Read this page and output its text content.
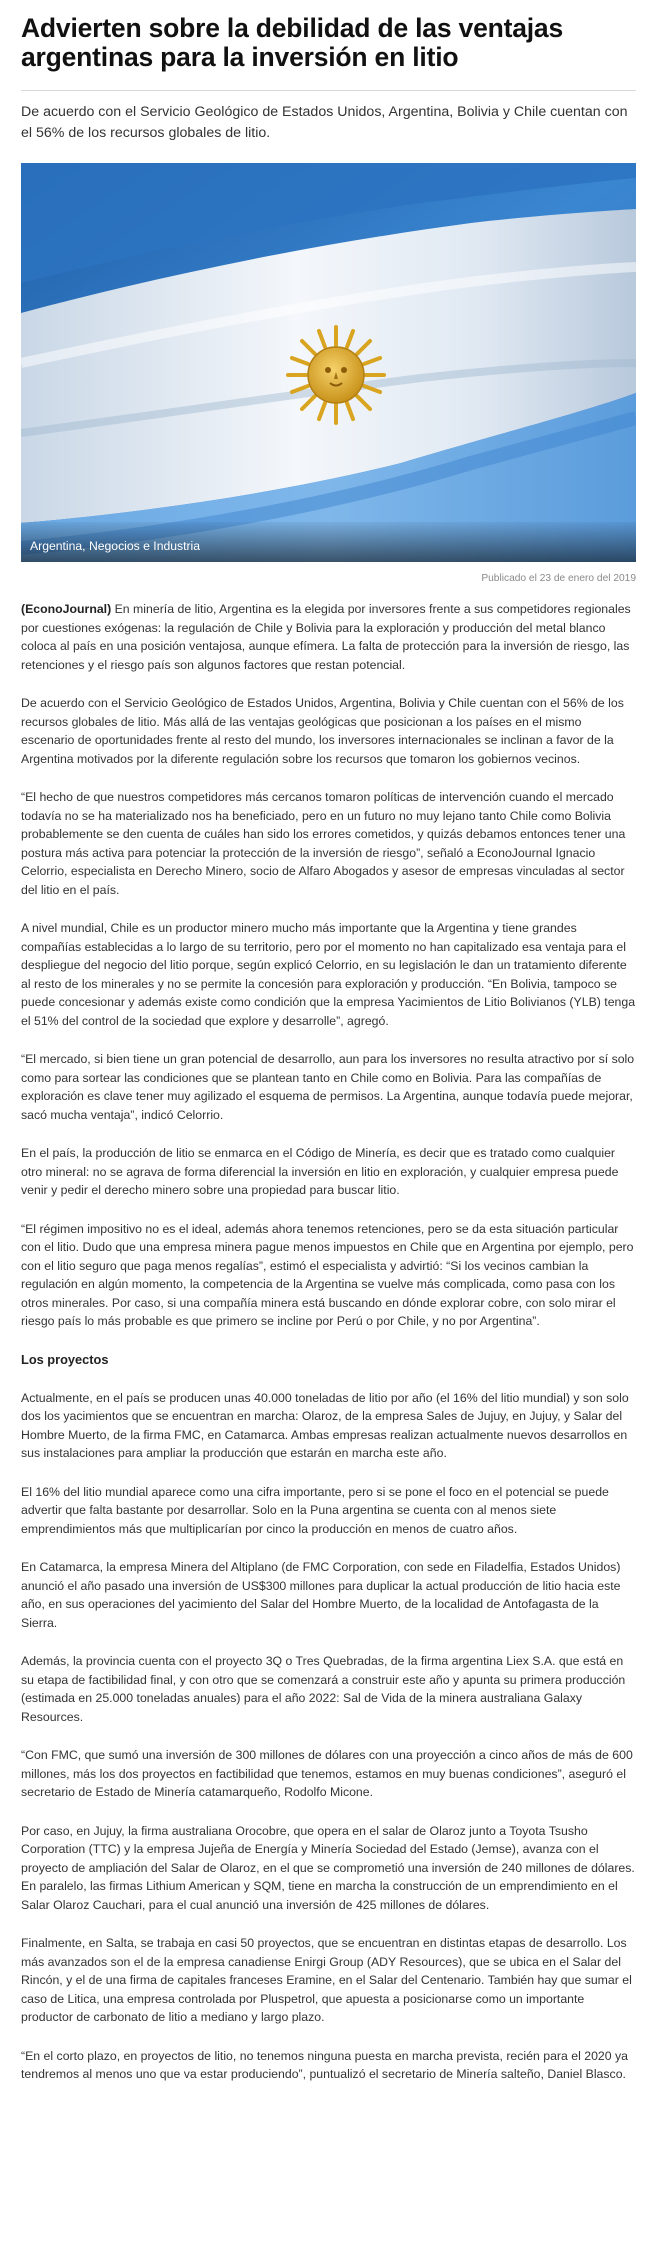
Advierten sobre la debilidad de las ventajas argentinas para la inversión en litio

De acuerdo con el Servicio Geológico de Estados Unidos, Argentina, Bolivia y Chile cuentan con el 56% de los recursos globales de litio.

Argentina, Negocios e Industria
Publicado el 23 de enero del 2019

(EconoJournal) En minería de litio, Argentina es la elegida por inversores frente a sus competidores regionales por cuestiones exógenas: la regulación de Chile y Bolivia para la exploración y producción del metal blanco coloca al país en una posición ventajosa, aunque efímera. La falta de protección para la inversión de riesgo, las retenciones y el riesgo país son algunos factores que restan potencial.

De acuerdo con el Servicio Geológico de Estados Unidos, Argentina, Bolivia y Chile cuentan con el 56% de los recursos globales de litio. Más allá de las ventajas geológicas que posicionan a los países en el mismo escenario de oportunidades frente al resto del mundo, los inversores internacionales se inclinan a favor de la Argentina motivados por la diferente regulación sobre los recursos que tomaron los gobiernos vecinos.

“El hecho de que nuestros competidores más cercanos tomaron políticas de intervención cuando el mercado todavía no se ha materializado nos ha beneficiado, pero en un futuro no muy lejano tanto Chile como Bolivia probablemente se den cuenta de cuáles han sido los errores cometidos, y quizás debamos entonces tener una postura más activa para potenciar la protección de la inversión de riesgo”, señaló a EconoJournal Ignacio Celorrio, especialista en Derecho Minero, socio de Alfaro Abogados y asesor de empresas vinculadas al sector del litio en el país.

A nivel mundial, Chile es un productor minero mucho más importante que la Argentina y tiene grandes compañías establecidas a lo largo de su territorio, pero por el momento no han capitalizado esa ventaja para el despliegue del negocio del litio porque, según explicó Celorrio, en su legislación le dan un tratamiento diferente al resto de los minerales y no se permite la concesión para exploración y producción. “En Bolivia, tampoco se puede concesionar y además existe como condición que la empresa Yacimientos de Litio Bolivianos (YLB) tenga el 51% del control de la sociedad que explore y desarrolle”, agregó.

“El mercado, si bien tiene un gran potencial de desarrollo, aun para los inversores no resulta atractivo por sí solo como para sortear las condiciones que se plantean tanto en Chile como en Bolivia. Para las compañías de exploración es clave tener muy agilizado el esquema de permisos. La Argentina, aunque todavía puede mejorar, sacó mucha ventaja”, indicó Celorrio.

En el país, la producción de litio se enmarca en el Código de Minería, es decir que es tratado como cualquier otro mineral: no se agrava de forma diferencial la inversión en litio en exploración, y cualquier empresa puede venir y pedir el derecho minero sobre una propiedad para buscar litio.

“El régimen impositivo no es el ideal, además ahora tenemos retenciones, pero se da esta situación particular con el litio. Dudo que una empresa minera pague menos impuestos en Chile que en Argentina por ejemplo, pero con el litio seguro que paga menos regalías”, estimó el especialista y advirtió: “Si los vecinos cambian la regulación en algún momento, la competencia de la Argentina se vuelve más complicada, como pasa con los otros minerales. Por caso, si una compañía minera está buscando en dónde explorar cobre, con solo mirar el riesgo país lo más probable es que primero se incline por Perú o por Chile, y no por Argentina”.

Los proyectos

Actualmente, en el país se producen unas 40.000 toneladas de litio por año (el 16% del litio mundial) y son solo dos los yacimientos que se encuentran en marcha: Olaroz, de la empresa Sales de Jujuy, en Jujuy, y Salar del Hombre Muerto, de la firma FMC, en Catamarca. Ambas empresas realizan actualmente nuevos desarrollos en sus instalaciones para ampliar la producción que estarán en marcha este año.

El 16% del litio mundial aparece como una cifra importante, pero si se pone el foco en el potencial se puede advertir que falta bastante por desarrollar. Solo en la Puna argentina se cuenta con al menos siete emprendimientos más que multiplicarían por cinco la producción en menos de cuatro años.

En Catamarca, la empresa Minera del Altiplano (de FMC Corporation, con sede en Filadelfia, Estados Unidos) anunció el año pasado una inversión de US$300 millones para duplicar la actual producción de litio hacia este año, en sus operaciones del yacimiento del Salar del Hombre Muerto, de la localidad de Antofagasta de la Sierra.

Además, la provincia cuenta con el proyecto 3Q o Tres Quebradas, de la firma argentina Liex S.A. que está en su etapa de factibilidad final, y con otro que se comenzará a construir este año y apunta su primera producción (estimada en 25.000 toneladas anuales) para el año 2022: Sal de Vida de la minera australiana Galaxy Resources.

“Con FMC, que sumó una inversión de 300 millones de dólares con una proyección a cinco años de más de 600 millones, más los dos proyectos en factibilidad que tenemos, estamos en muy buenas condiciones”, aseguró el secretario de Estado de Minería catamarqueño, Rodolfo Micone.

Por caso, en Jujuy, la firma australiana Orocobre, que opera en el salar de Olaroz junto a Toyota Tsusho Corporation (TTC) y la empresa Jujeña de Energía y Minería Sociedad del Estado (Jemse), avanza con el proyecto de ampliación del Salar de Olaroz, en el que se comprometió una inversión de 240 millones de dólares. En paralelo, las firmas Lithium American y SQM, tiene en marcha la construcción de un emprendimiento en el Salar Olaroz Cauchari, para el cual anunció una inversión de 425 millones de dólares.

Finalmente, en Salta, se trabaja en casi 50 proyectos, que se encuentran en distintas etapas de desarrollo. Los más avanzados son el de la empresa canadiense Enirgi Group (ADY Resources), que se ubica en el Salar del Rincón, y el de una firma de capitales franceses Eramine, en el Salar del Centenario. También hay que sumar el caso de Litica, una empresa controlada por Pluspetrol, que apuesta a posicionarse como un importante productor de carbonato de litio a mediano y largo plazo.

“En el corto plazo, en proyectos de litio, no tenemos ninguna puesta en marcha prevista, recién para el 2020 ya tendremos al menos uno que va estar produciendo”, puntualizó el secretario de Minería salteño, Daniel Blasco.
